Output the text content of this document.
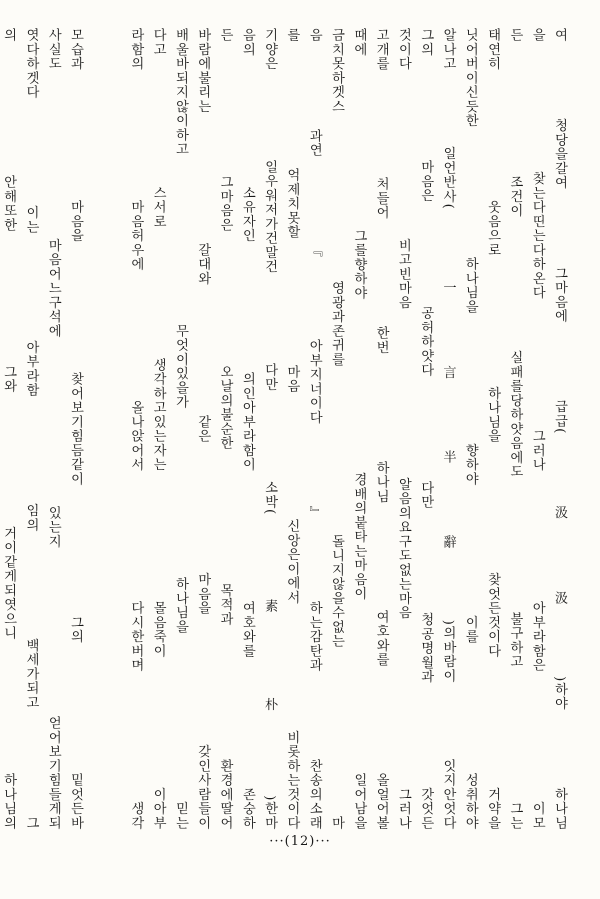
여 청당을갈여 그마음에 급급(汲汲)하야 하나님

을 찾는다띤는다하온다 그러나 아부라함은 이모

든 조건이 실패를당하얏음에도 불구하고 그는

태연히 웃음으로 하나님을 찾엇든것이다 거약을

닛어버이신듯한 하나님을 향하야 이를 성취하야

알나고 일언반사(一言半辭)의바람이 잇지안엇다

그의 마음은 공허하얏다 다만 청공명월과 갓엇든

것이다 비고빈마음 알음의요구도없는마음 그러나

고개를 처들어 한번 하나님 여호와를 올얼어볼

때에 그를향하야 경배의붙타는마음이 일어남을

금치못하겟스 영광과존귀를 돌니지않을수없는 마

음 과연 『아부지너이다』하는감탄과 찬송의소래

를 억제치못할 마음 신앙은이에서 비롯하는것이다

기양은 일우워저가건말건 다만 소박(素朴)한마

음의 소유자인 의인아부라함이 여호와를 존숭하

든 그마음은 오날의불순한 목적과 환경에딸어

바람에불리는 갈대와 같은 마음을 갖인사람들이

배울바되지않이하고 무엇이있을가 하나님을 믿는

다고 스서로 생각하고있는자는 몰음죽이 이아부

라함의 마음허우에 올나앉어서 다시한버며 생각

모습과 마음을 찾어보기힘듬같이 그의 밑엇든바

사실도 마음어느구석에 있는지 얻어보기힘들게되

엿다하겟다 이는 아부라함 임의 백세가되고 그

의 안해또한 그와 거이같게되엿으니 하나님의

···(12)···
